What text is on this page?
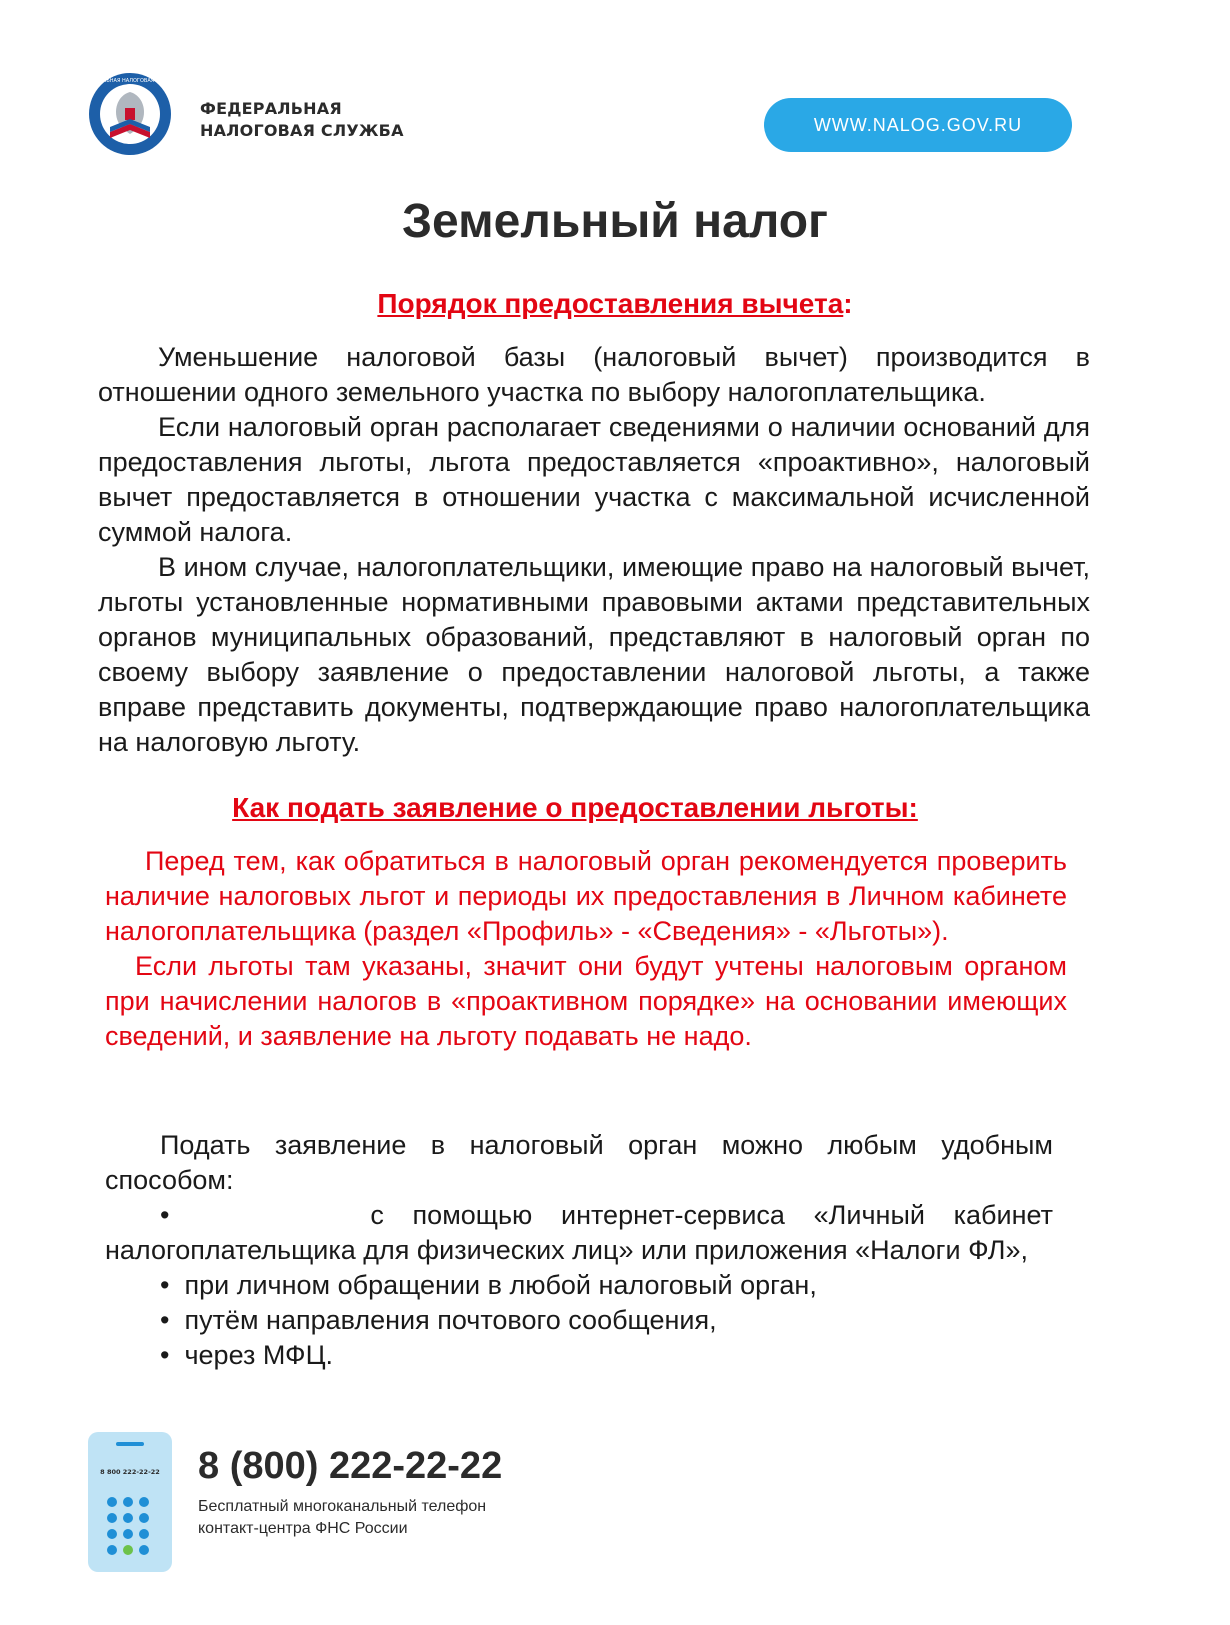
ФЕДЕРАЛЬНАЯ НАЛОГОВАЯ СЛУЖБА
ФЕДЕРАЛЬНАЯ
НАЛОГОВАЯ СЛУЖБА	WWW.NALOG.GOV.RU
Земельный налог
Порядок предоставления вычета:

Уменьшение налоговой базы (налоговый вычет) производится в отношении одного земельного участка по выбору налогоплательщика.

Если налоговый орган располагает сведениями о наличии оснований для предоставления льготы, льгота предоставляется «проактивно», налоговый вычет предоставляется в отношении участка с максимальной исчисленной суммой налога.

В ином случае, налогоплательщики, имеющие право на налоговый вычет, льготы установленные нормативными правовыми актами представительных органов муниципальных образований, представляют в налоговый орган по своему выбору заявление о предоставлении налоговой льготы, а также вправе представить документы, подтверждающие право налогоплательщика на налоговую льготу.

Как подать заявление о предоставлении льготы:

Перед тем, как обратиться в налоговый орган рекомендуется проверить наличие налоговых льгот и периоды их предоставления в Личном кабинете налогоплательщика (раздел «Профиль» - «Сведения» - «Льготы»).

Если льготы там указаны, значит они будут учтены налоговым органом при начислении налогов в «проактивном порядке» на основании имеющих сведений, и заявление на льготу подавать не надо.

Подать заявление в налоговый орган можно любым удобным способом:

•       с помощью интернет-сервиса «Личный кабинет налогоплательщика для физических лиц» или приложения «Налоги ФЛ»,

•  при личном обращении в любой налоговый орган,

•  путём направления почтового сообщения,

•  через МФЦ.

8 800 222-22-22 8 (800) 222-22-22
Бесплатный многоканальный телефон
контакт-центра ФНС России
